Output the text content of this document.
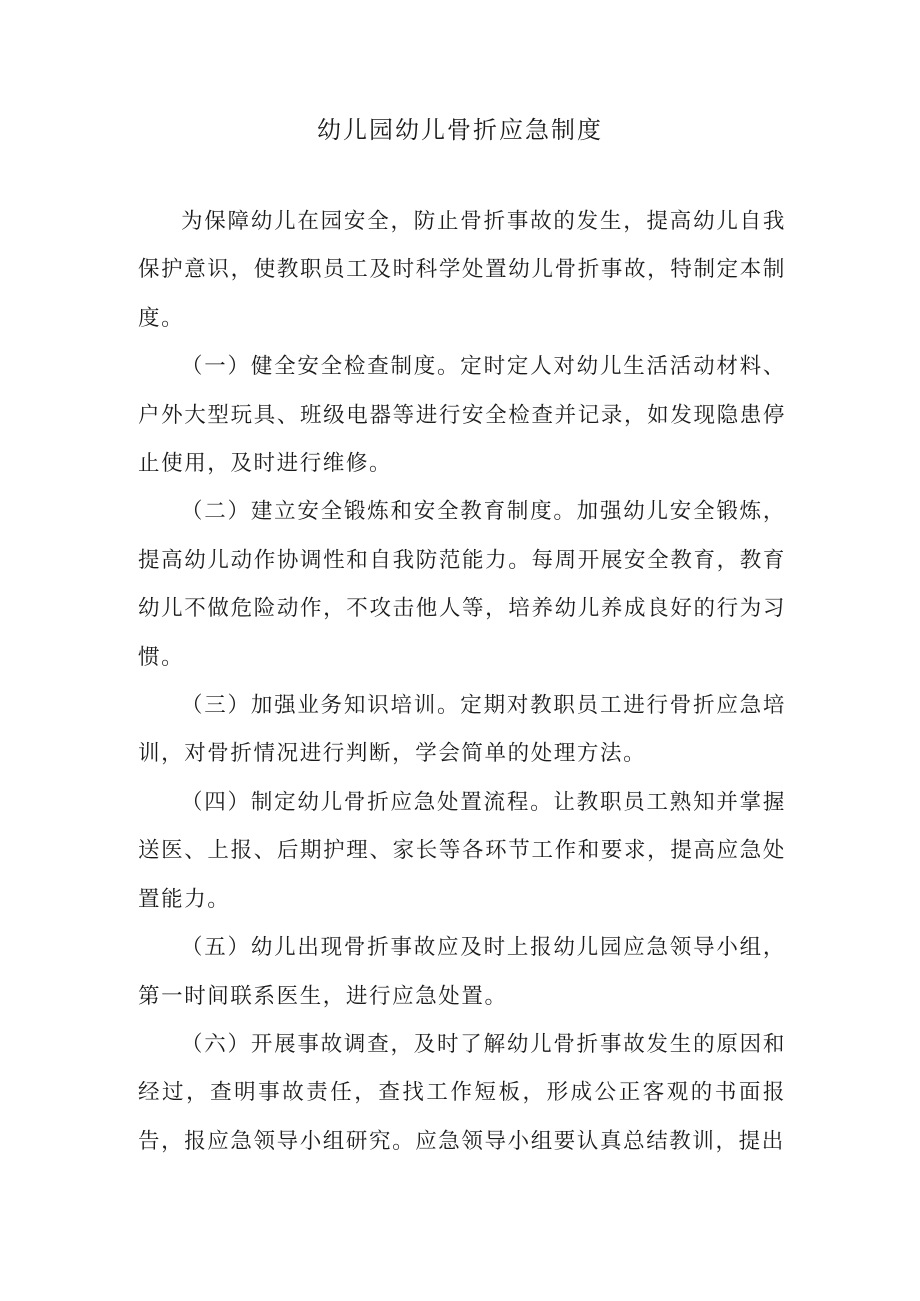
幼儿园幼儿骨折应急制度

为保障幼儿在园安全，防止骨折事故的发生，提高幼儿自我保护意识，使教职员工及时科学处置幼儿骨折事故，特制定本制度。

（一）健全安全检查制度。定时定人对幼儿生活活动材料、户外大型玩具、班级电器等进行安全检查并记录，如发现隐患停止使用，及时进行维修。

（二）建立安全锻炼和安全教育制度。加强幼儿安全锻炼，提高幼儿动作协调性和自我防范能力。每周开展安全教育，教育幼儿不做危险动作，不攻击他人等，培养幼儿养成良好的行为习惯。

（三）加强业务知识培训。定期对教职员工进行骨折应急培训，对骨折情况进行判断，学会简单的处理方法。

（四）制定幼儿骨折应急处置流程。让教职员工熟知并掌握送医、上报、后期护理、家长等各环节工作和要求，提高应急处置能力。

（五）幼儿出现骨折事故应及时上报幼儿园应急领导小组，第一时间联系医生，进行应急处置。

（六）开展事故调查，及时了解幼儿骨折事故发生的原因和经过，查明事故责任，查找工作短板，形成公正客观的书面报告，报应急领导小组研究。应急领导小组要认真总结教训，提出
